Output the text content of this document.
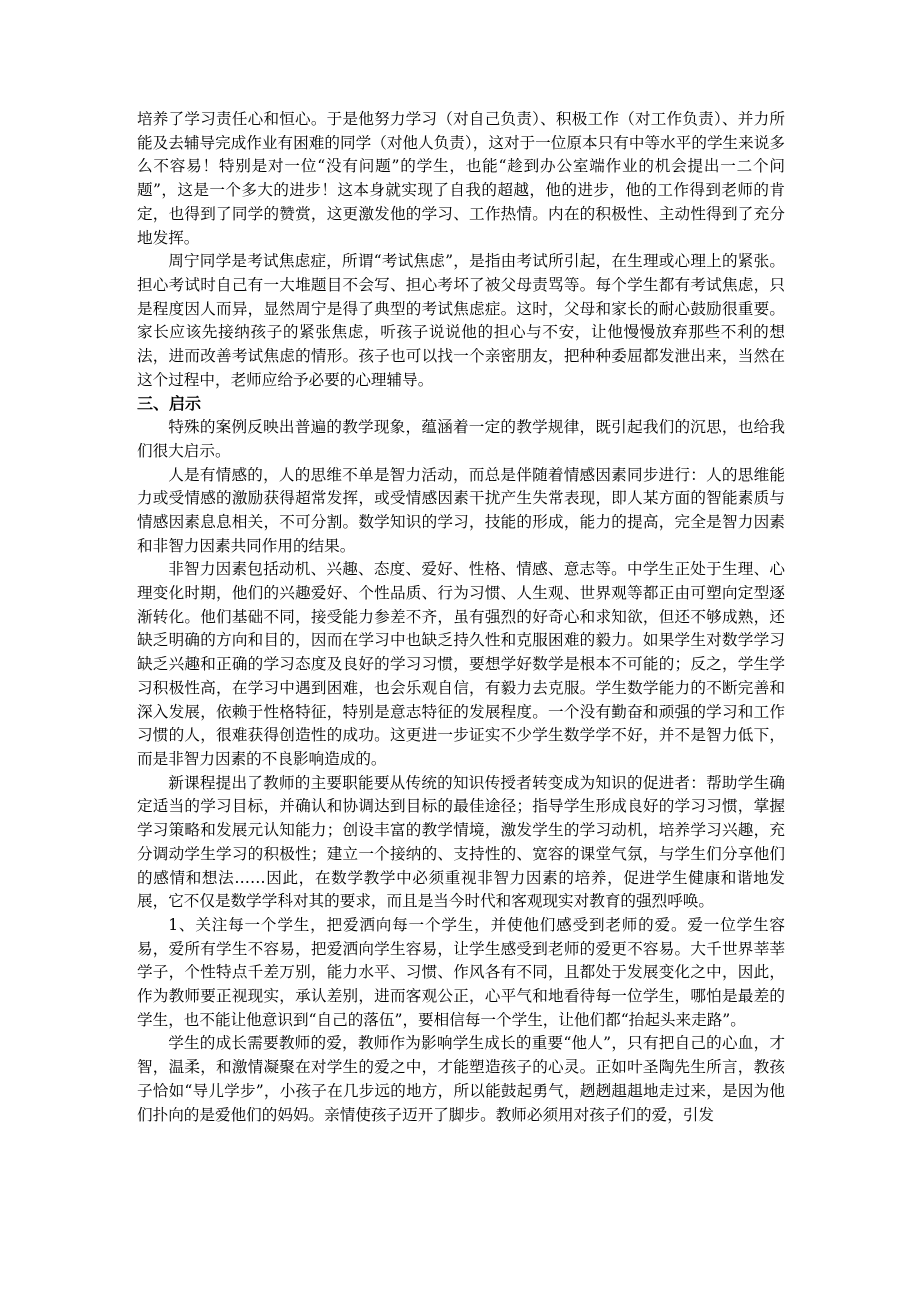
培养了学习责任心和恒心。于是他努力学习（对自己负责）、积极工作（对工作负责）、并力所能及去辅导完成作业有困难的同学（对他人负责），这对于一位原本只有中等水平的学生来说多么不容易！特别是对一位“没有问题”的学生，也能“趁到办公室端作业的机会提出一二个问题”，这是一个多大的进步！这本身就实现了自我的超越，他的进步，他的工作得到老师的肯定，也得到了同学的赞赏，这更激发他的学习、工作热情。内在的积极性、主动性得到了充分地发挥。

周宁同学是考试焦虑症，所谓“考试焦虑”，是指由考试所引起，在生理或心理上的紧张。担心考试时自己有一大堆题目不会写、担心考坏了被父母责骂等。每个学生都有考试焦虑，只是程度因人而异，显然周宁是得了典型的考试焦虑症。这时，父母和家长的耐心鼓励很重要。家长应该先接纳孩子的紧张焦虑，听孩子说说他的担心与不安，让他慢慢放弃那些不利的想法，进而改善考试焦虑的情形。孩子也可以找一个亲密朋友，把种种委屈都发泄出来，当然在这个过程中，老师应给予必要的心理辅导。

三、启示

特殊的案例反映出普遍的教学现象，蕴涵着一定的教学规律，既引起我们的沉思，也给我们很大启示。

人是有情感的，人的思维不单是智力活动，而总是伴随着情感因素同步进行：人的思维能力或受情感的激励获得超常发挥，或受情感因素干扰产生失常表现，即人某方面的智能素质与情感因素息息相关，不可分割。数学知识的学习，技能的形成，能力的提高，完全是智力因素和非智力因素共同作用的结果。

非智力因素包括动机、兴趣、态度、爱好、性格、情感、意志等。中学生正处于生理、心理变化时期，他们的兴趣爱好、个性品质、行为习惯、人生观、世界观等都正由可塑向定型逐渐转化。他们基础不同，接受能力参差不齐，虽有强烈的好奇心和求知欲，但还不够成熟，还缺乏明确的方向和目的，因而在学习中也缺乏持久性和克服困难的毅力。如果学生对数学学习缺乏兴趣和正确的学习态度及良好的学习习惯，要想学好数学是根本不可能的；反之，学生学习积极性高，在学习中遇到困难，也会乐观自信，有毅力去克服。学生数学能力的不断完善和深入发展，依赖于性格特征，特别是意志特征的发展程度。一个没有勤奋和顽强的学习和工作习惯的人，很难获得创造性的成功。这更进一步证实不少学生数学学不好，并不是智力低下，而是非智力因素的不良影响造成的。

新课程提出了教师的主要职能要从传统的知识传授者转变成为知识的促进者：帮助学生确定适当的学习目标，并确认和协调达到目标的最佳途径；指导学生形成良好的学习习惯，掌握学习策略和发展元认知能力；创设丰富的教学情境，激发学生的学习动机，培养学习兴趣，充分调动学生学习的积极性；建立一个接纳的、支持性的、宽容的课堂气氛，与学生们分享他们的感情和想法……因此，在数学教学中必须重视非智力因素的培养，促进学生健康和谐地发展，它不仅是数学学科对其的要求，而且是当今时代和客观现实对教育的强烈呼唤。

1、关注每一个学生，把爱洒向每一个学生，并使他们感受到老师的爱。爱一位学生容易，爱所有学生不容易，把爱洒向学生容易，让学生感受到老师的爱更不容易。大千世界莘莘学子，个性特点千差万别，能力水平、习惯、作风各有不同，且都处于发展变化之中，因此，作为教师要正视现实，承认差别，进而客观公正，心平气和地看待每一位学生，哪怕是最差的学生，也不能让他意识到“自己的落伍”，要相信每一个学生，让他们都“抬起头来走路”。

学生的成长需要教师的爱，教师作为影响学生成长的重要“他人”，只有把自己的心血，才智，温柔，和激情凝聚在对学生的爱之中，才能塑造孩子的心灵。正如叶圣陶先生所言，教孩子恰如“导儿学步”，小孩子在几步远的地方，所以能鼓起勇气，趔趔趄趄地走过来，是因为他们扑向的是爱他们的妈妈。亲情使孩子迈开了脚步。教师必须用对孩子们的爱，引发
